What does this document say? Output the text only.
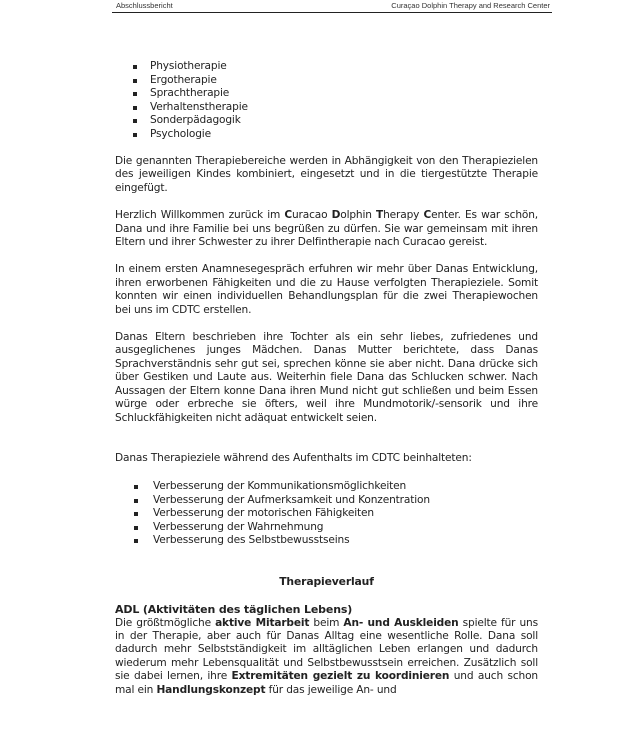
Abschlussbericht	Curaçao Dolphin Therapy and Research Center
Physiotherapie
Ergotherapie
Sprachtherapie
Verhaltenstherapie
Sonderpädagogik
Psychologie

Die genannten Therapiebereiche werden in Abhängigkeit von den Therapiezielen des jeweiligen Kindes kombiniert, eingesetzt und in die tiergestützte Therapie eingefügt.

Herzlich Willkommen zurück im Curacao Dolphin Therapy Center. Es war schön, Dana und ihre Familie bei uns begrüßen zu dürfen. Sie war gemeinsam mit ihren Eltern und ihrer Schwester zu ihrer Delfintherapie nach Curacao gereist.

In einem ersten Anamnesegespräch erfuhren wir mehr über Danas Entwicklung, ihren erworbenen Fähigkeiten und die zu Hause verfolgten Therapieziele. Somit konnten wir einen individuellen Behandlungsplan für die zwei Therapiewochen bei uns im CDTC erstellen.

Danas Eltern beschrieben ihre Tochter als ein sehr liebes, zufriedenes und ausgeglichenes junges Mädchen. Danas Mutter berichtete, dass Danas Sprachverständnis sehr gut sei, sprechen könne sie aber nicht. Dana drücke sich über Gestiken und Laute aus. Weiterhin fiele Dana das Schlucken schwer. Nach Aussagen der Eltern konne Dana ihren Mund nicht gut schließen und beim Essen würge oder erbreche sie öfters, weil ihre Mundmotorik/-sensorik und ihre Schluckfähigkeiten nicht adäquat entwickelt seien.

Danas Therapieziele während des Aufenthalts im CDTC beinhalteten:

Verbesserung der Kommunikationsmöglichkeiten
Verbesserung der Aufmerksamkeit und Konzentration
Verbesserung der motorischen Fähigkeiten
Verbesserung der Wahrnehmung
Verbesserung des Selbstbewusstseins
Therapieverlauf
ADL (Aktivitäten des täglichen Lebens)

Die größtmögliche aktive Mitarbeit beim An- und Auskleiden spielte für uns in der Therapie, aber auch für Danas Alltag eine wesentliche Rolle. Dana soll dadurch mehr Selbstständigkeit im alltäglichen Leben erlangen und dadurch wiederum mehr Lebensqualität und Selbstbewusstsein erreichen. Zusätzlich soll sie dabei lernen, ihre Extremitäten gezielt zu koordinieren und auch schon mal ein Handlungskonzept für das jeweilige An- und
